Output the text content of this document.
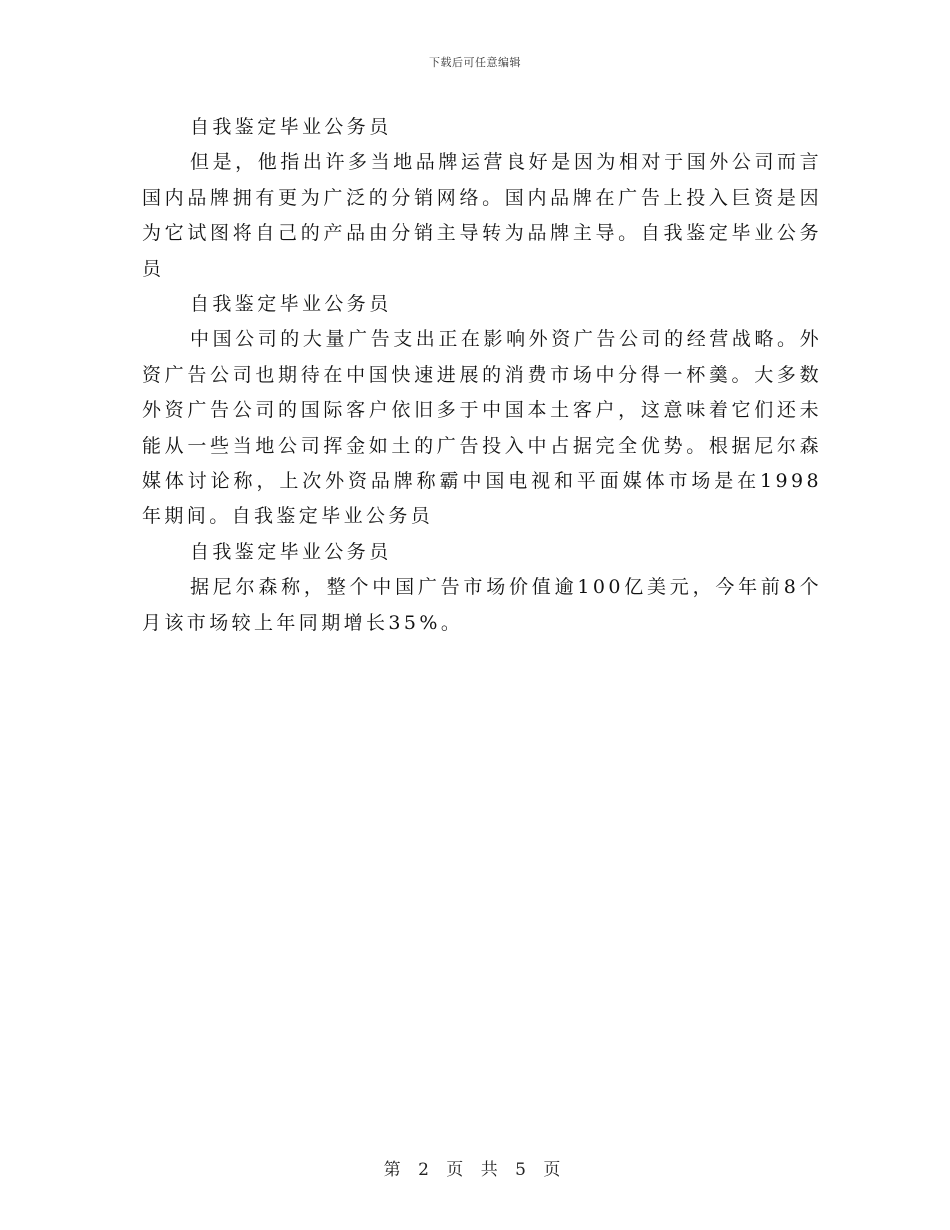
下载后可任意编辑

自我鉴定毕业公务员

但是，他指出许多当地品牌运营良好是因为相对于国外公司而言国内品牌拥有更为广泛的分销网络。国内品牌在广告上投入巨资是因为它试图将自己的产品由分销主导转为品牌主导。自我鉴定毕业公务员

自我鉴定毕业公务员

中国公司的大量广告支出正在影响外资广告公司的经营战略。外资广告公司也期待在中国快速进展的消费市场中分得一杯羹。大多数外资广告公司的国际客户依旧多于中国本土客户，这意味着它们还未能从一些当地公司挥金如土的广告投入中占据完全优势。根据尼尔森媒体讨论称，上次外资品牌称霸中国电视和平面媒体市场是在1998年期间。自我鉴定毕业公务员

自我鉴定毕业公务员

据尼尔森称，整个中国广告市场价值逾100亿美元，今年前8个月该市场较上年同期增长35%。

第 2 页 共 5 页
